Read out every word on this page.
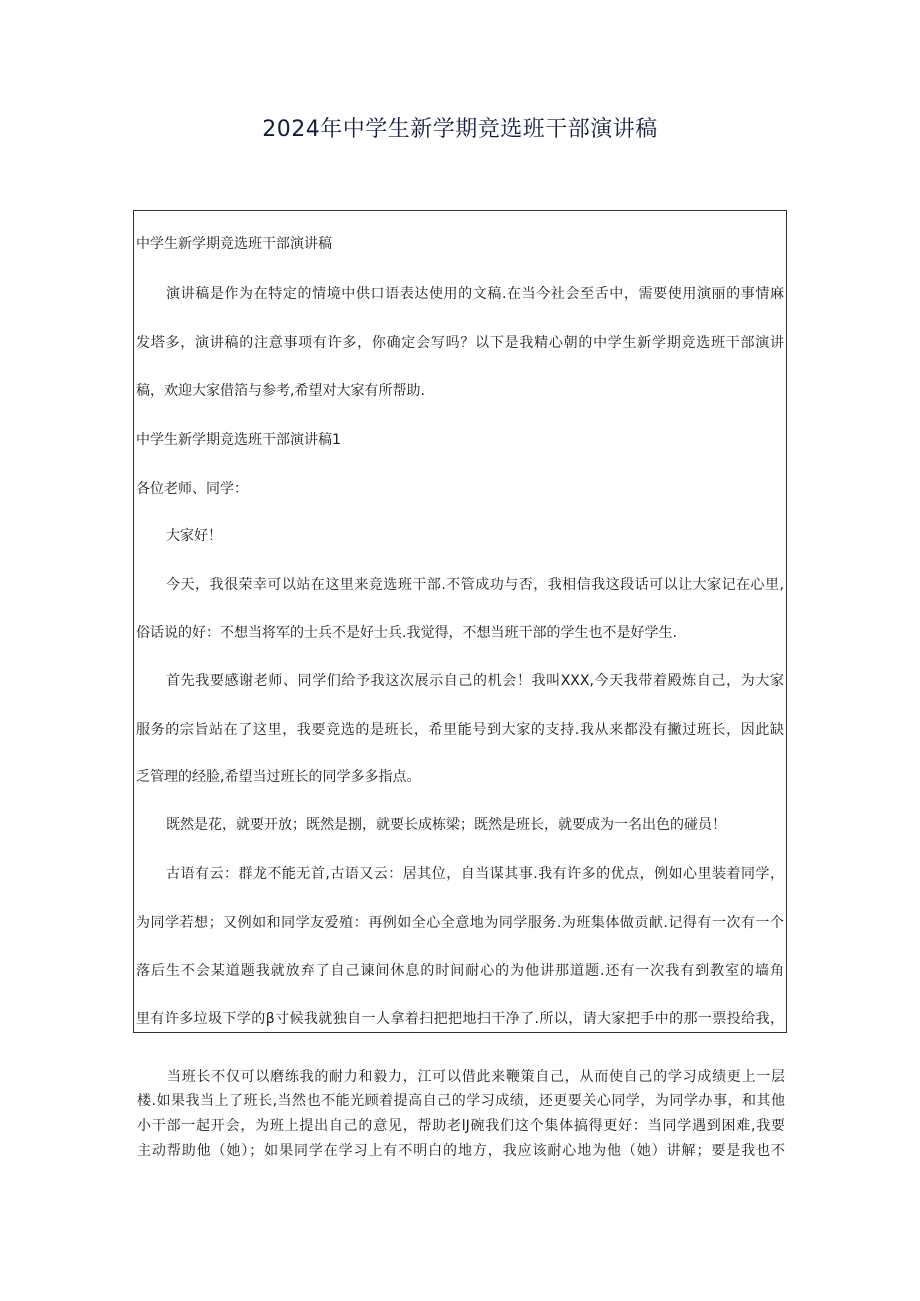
2024年中学生新学期竞选班干部演讲稿
中学生新学期竞选班干部演讲稿
演讲稿是作为在特定的情境中供口语表达使用的文稿.在当今社会至舌中，需要使用演丽的事情麻
发塔多，演讲稿的注意事项有许多，你确定会写吗？以下是我精心朝的中学生新学期竞选班干部演讲
稿，欢迎大家借箔与参考,希望对大家有所帮助.
中学生新学期竞选班干部演讲稿1
各位老师、同学：
大家好！
今天，我很荣幸可以站在这里来竞选班干部.不管成功与否，我相信我这段话可以让大家记在心里,
俗话说的好：不想当将军的士兵不是好士兵.我觉得，不想当班干部的学生也不是好学生.
首先我要感谢老师、同学们给予我这次展示自己的机会！我叫XXX,今天我带着殿炼自己，为大家
服务的宗旨站在了这里，我要竞选的是班长，希里能号到大家的支持.我从来都没有撇过班长，因此缺
乏管理的经脸,希望当过班长的同学多多指点。
既然是花，就要开放；既然是捌，就要长成栋梁；既然是班长，就要成为一名出色的碰员！
古语有云：群龙不能无首,古语又云：居其位，自当谋其事.我有许多的优点，例如心里装着同学，
为同学若想；又例如和同学友爱殖：再例如全心全意地为同学服务.为班集体做贡献.记得有一次有一个
落后生不会某道题我就放弃了自己谏间休息的时间耐心的为他讲那道题.还有一次我有到教室的墙角
里有许多垃圾下学的β寸候我就独自一人拿着扫把把地扫干净了.所以，请大家把手中的那一票投给我，
当班长不仅可以磨练我的耐力和毅力，江可以借此来鞭策自己，从而使自己的学习成绩更上一层
楼.如果我当上了班长,当然也不能光顾着提高自己的学习成绩，还更要关心同学，为同学办事，和其他
小干部一起开会，为班上提出自己的意见，帮助老lJ碗我们这个集体搞得更好：当同学遇到困难,我要
主动帮助他（她）；如果同学在学习上有不明白的地方，我应该耐心地为他（她）讲解；要是我也不
